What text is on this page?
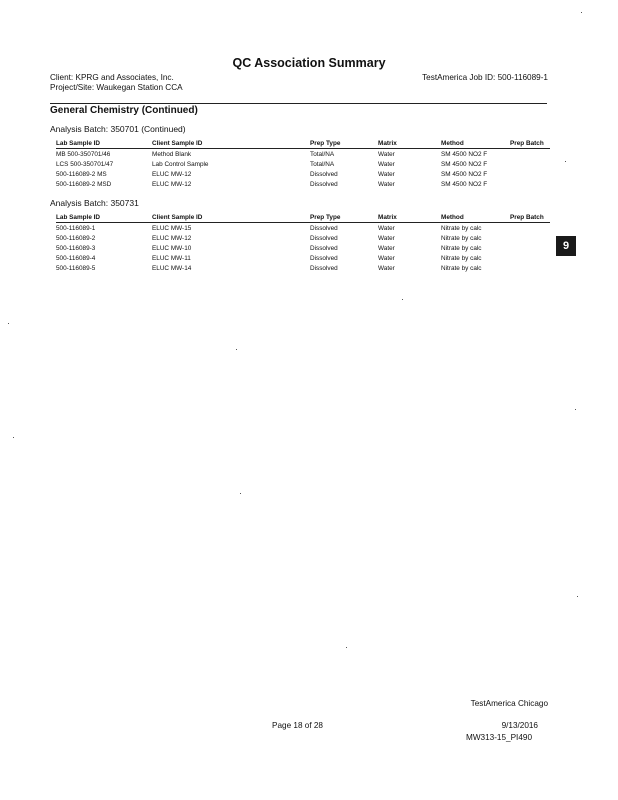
QC Association Summary
Client: KPRG and Associates, Inc.
Project/Site: Waukegan Station CCA
TestAmerica Job ID: 500-116089-1
General Chemistry (Continued)
Analysis Batch: 350701 (Continued)
Lab Sample ID	Client Sample ID	Prep Type	Matrix	Method	Prep Batch
MB 500-350701/46	Method Blank	Total/NA	Water	SM 4500 NO2 F	
LCS 500-350701/47	Lab Control Sample	Total/NA	Water	SM 4500 NO2 F	
500-116089-2 MS	ELUC MW-12	Dissolved	Water	SM 4500 NO2 F	
500-116089-2 MSD	ELUC MW-12	Dissolved	Water	SM 4500 NO2 F	
Analysis Batch: 350731
Lab Sample ID	Client Sample ID	Prep Type	Matrix	Method	Prep Batch
500-116089-1	ELUC MW-15	Dissolved	Water	Nitrate by calc	
500-116089-2	ELUC MW-12	Dissolved	Water	Nitrate by calc	
500-116089-3	ELUC MW-10	Dissolved	Water	Nitrate by calc	
500-116089-4	ELUC MW-11	Dissolved	Water	Nitrate by calc	
500-116089-5	ELUC MW-14	Dissolved	Water	Nitrate by calc	
9
TestAmerica Chicago
Page 18 of 28	9/13/2016
MW313-15_PI490
